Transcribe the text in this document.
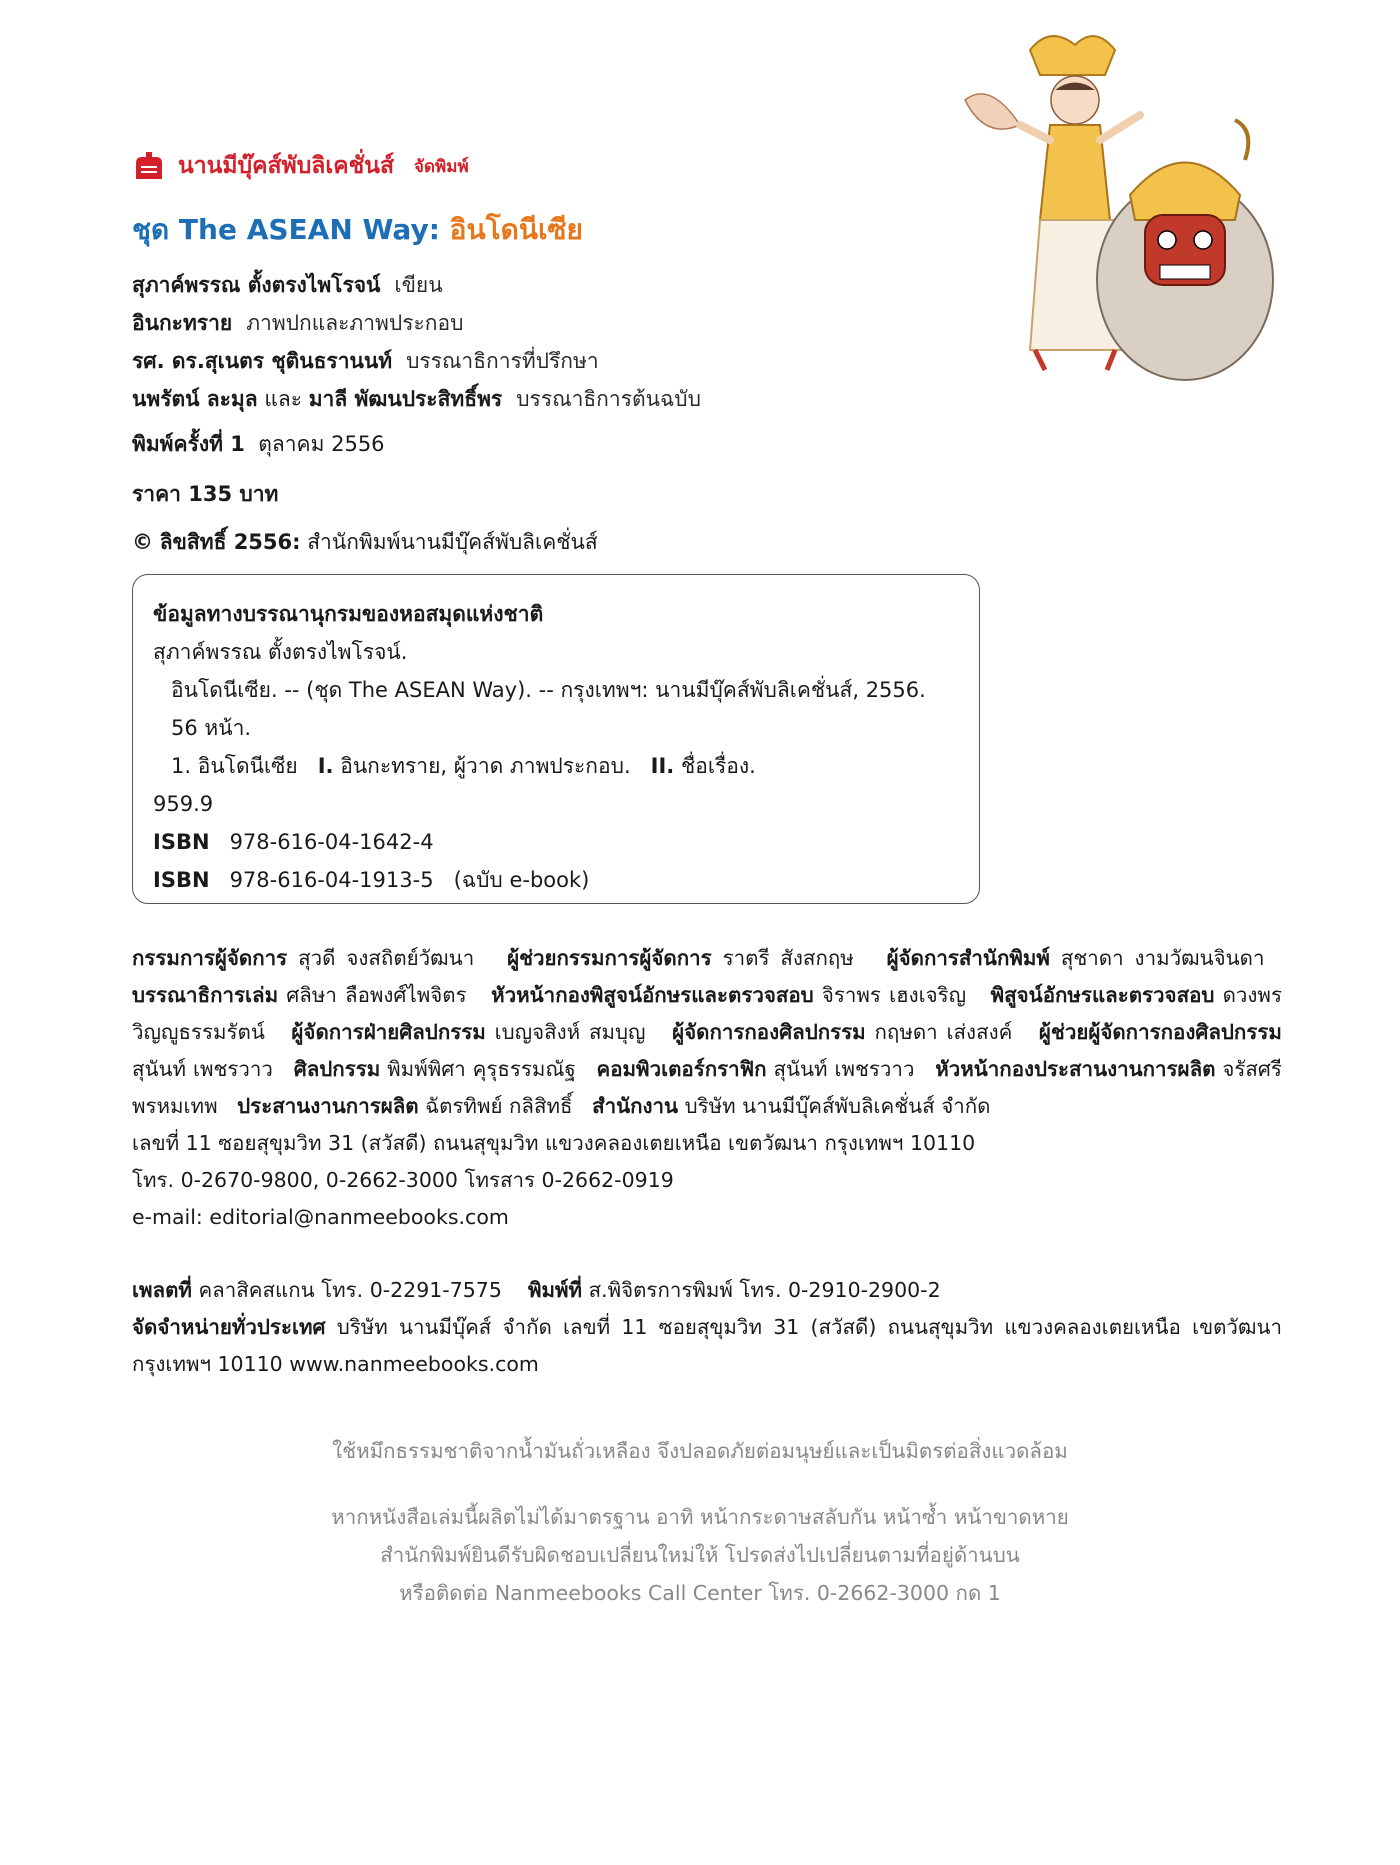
นานมีบุ๊คส์พับลิเคชั่นส์ จัดพิมพ์
ชุด The ASEAN Way: อินโดนีเซีย
สุภาค์พรรณ ตั้งตรงไพโรจน์ เขียน
อินกะทราย ภาพปกและภาพประกอบ
รศ. ดร.สุเนตร ชุตินธรานนท์ บรรณาธิการที่ปรึกษา
นพรัตน์ ละมุล และ มาลี พัฒนประสิทธิ์พร บรรณาธิการต้นฉบับ
พิมพ์ครั้งที่ 1 ตุลาคม 2556
ราคา 135 บาท
© ลิขสิทธิ์ 2556: สำนักพิมพ์นานมีบุ๊คส์พับลิเคชั่นส์
ข้อมูลทางบรรณานุกรมของหอสมุดแห่งชาติ
สุภาค์พรรณ ตั้งตรงไพโรจน์.
อินโดนีเซีย. -- (ชุด The ASEAN Way). -- กรุงเทพฯ: นานมีบุ๊คส์พับลิเคชั่นส์, 2556.
56 หน้า.
1. อินโดนีเซีย I. อินกะทราย, ผู้วาด ภาพประกอบ. II. ชื่อเรื่อง.
959.9
ISBN 978-616-04-1642-4
ISBN 978-616-04-1913-5 (ฉบับ e-book)
กรรมการผู้จัดการ สุวดี จงสถิตย์วัฒนา ผู้ช่วยกรรมการผู้จัดการ ราตรี สังสกฤษ ผู้จัดการสำนักพิมพ์ สุชาดา งามวัฒนจินดา   บรรณาธิการเล่ม ศลิษา ลือพงศ์ไพจิตร หัวหน้ากองพิสูจน์อักษรและตรวจสอบ จิราพร เฮงเจริญ พิสูจน์อักษรและตรวจสอบ ดวงพร วิญญูธรรมรัตน์ ผู้จัดการฝ่ายศิลปกรรม เบญจสิงห์ สมบุญ ผู้จัดการกองศิลปกรรม กฤษดา เส่งสงค์ ผู้ช่วยผู้จัดการกองศิลปกรรม สุนันท์ เพชรวาว ศิลปกรรม พิมพ์พิศา คุรุธรรมณัฐ คอมพิวเตอร์กราฟิก สุนันท์ เพชรวาว หัวหน้ากองประสานงานการผลิต จรัสศรี พรหมเทพ ประสานงานการผลิต ฉัตรทิพย์ กลิสิทธิ์ สำนักงาน บริษัท นานมีบุ๊คส์พับลิเคชั่นส์ จำกัด
เลขที่ 11 ซอยสุขุมวิท 31 (สวัสดี) ถนนสุขุมวิท แขวงคลองเตยเหนือ เขตวัฒนา กรุงเทพฯ 10110
โทร. 0-2670-9800, 0-2662-3000 โทรสาร 0-2662-0919
e-mail: editorial@nanmeebooks.com
เพลตที่ คลาสิคสแกน โทร. 0-2291-7575 พิมพ์ที่ ส.พิจิตรการพิมพ์ โทร. 0-2910-2900-2
จัดจำหน่ายทั่วประเทศ บริษัท นานมีบุ๊คส์ จำกัด เลขที่ 11 ซอยสุขุมวิท 31 (สวัสดี) ถนนสุขุมวิท แขวงคลองเตยเหนือ เขตวัฒนา กรุงเทพฯ 10110 www.nanmeebooks.com
ใช้หมึกธรรมชาติจากน้ำมันถั่วเหลือง จึงปลอดภัยต่อมนุษย์และเป็นมิตรต่อสิ่งแวดล้อม
หากหนังสือเล่มนี้ผลิตไม่ได้มาตรฐาน อาทิ หน้ากระดาษสลับกัน หน้าซ้ำ หน้าขาดหาย
สำนักพิมพ์ยินดีรับผิดชอบเปลี่ยนใหม่ให้ โปรดส่งไปเปลี่ยนตามที่อยู่ด้านบน
หรือติดต่อ Nanmeebooks Call Center โทร. 0-2662-3000 กด 1
